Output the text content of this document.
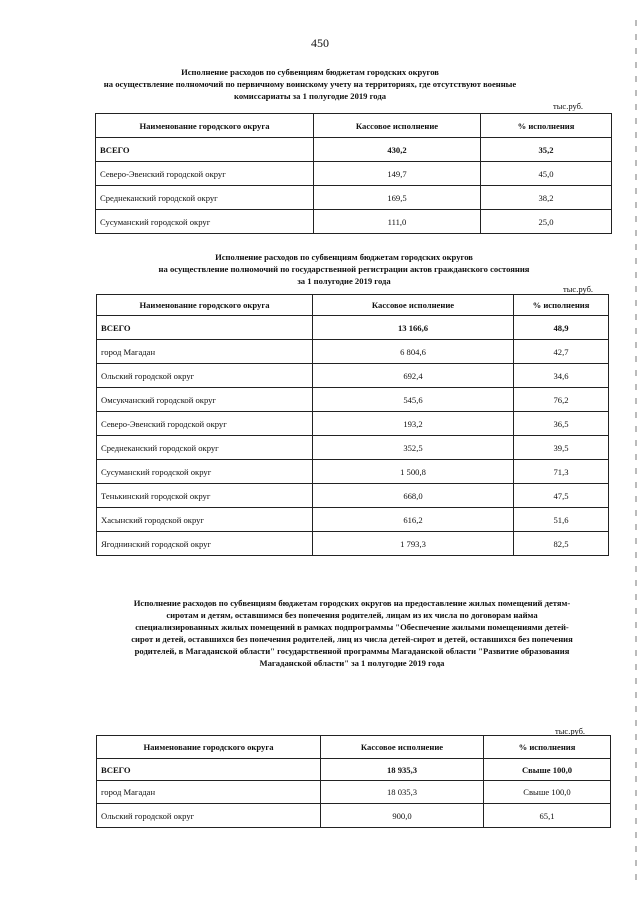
450
Исполнение расходов по субвенциям бюджетам городских округов
на осуществление полномочий по первичному воинскому учету на территориях, где отсутствуют военные
комиссариаты за 1 полугодие 2019 года
тыс.руб.
Наименование городского округа	Кассовое исполнение	% исполнения
ВСЕГО	430,2	35,2
Северо-Эвенский городской округ	149,7	45,0
Среднеканский городской округ	169,5	38,2
Сусуманский городской округ	111,0	25,0
Исполнение расходов по субвенциям бюджетам городских округов
на осуществление полномочий по государственной регистрации актов гражданского состояния
за 1 полугодие 2019 года
тыс.руб.
Наименование городского округа	Кассовое исполнение	% исполнения
ВСЕГО	13 166,6	48,9
город Магадан	6 804,6	42,7
Ольский городской округ	692,4	34,6
Омсукчанский городской округ	545,6	76,2
Северо-Эвенский городской округ	193,2	36,5
Среднеканский городской округ	352,5	39,5
Сусуманский городской округ	1 500,8	71,3
Тенькинский городской округ	668,0	47,5
Хасынский городской округ	616,2	51,6
Ягоднинский городской округ	1 793,3	82,5
Исполнение расходов по субвенциям бюджетам городских округов на предоставление жилых помещений детям-
сиротам и детям, оставшимся без попечения родителей, лицам из их числа по договорам найма
специализированных жилых помещений в рамках подпрограммы "Обеспечение жилыми помещениями детей-
сирот и детей, оставшихся без попечения родителей, лиц из числа детей-сирот и детей, оставшихся без попечения
родителей, в Магаданской области" государственной программы Магаданской области "Развитие образования
Магаданской области" за 1 полугодие 2019 года
тыс.руб.
Наименование городского округа	Кассовое исполнение	% исполнения
ВСЕГО	18 935,3	Свыше 100,0
город Магадан	18 035,3	Свыше 100,0
Ольский городской округ	900,0	65,1
